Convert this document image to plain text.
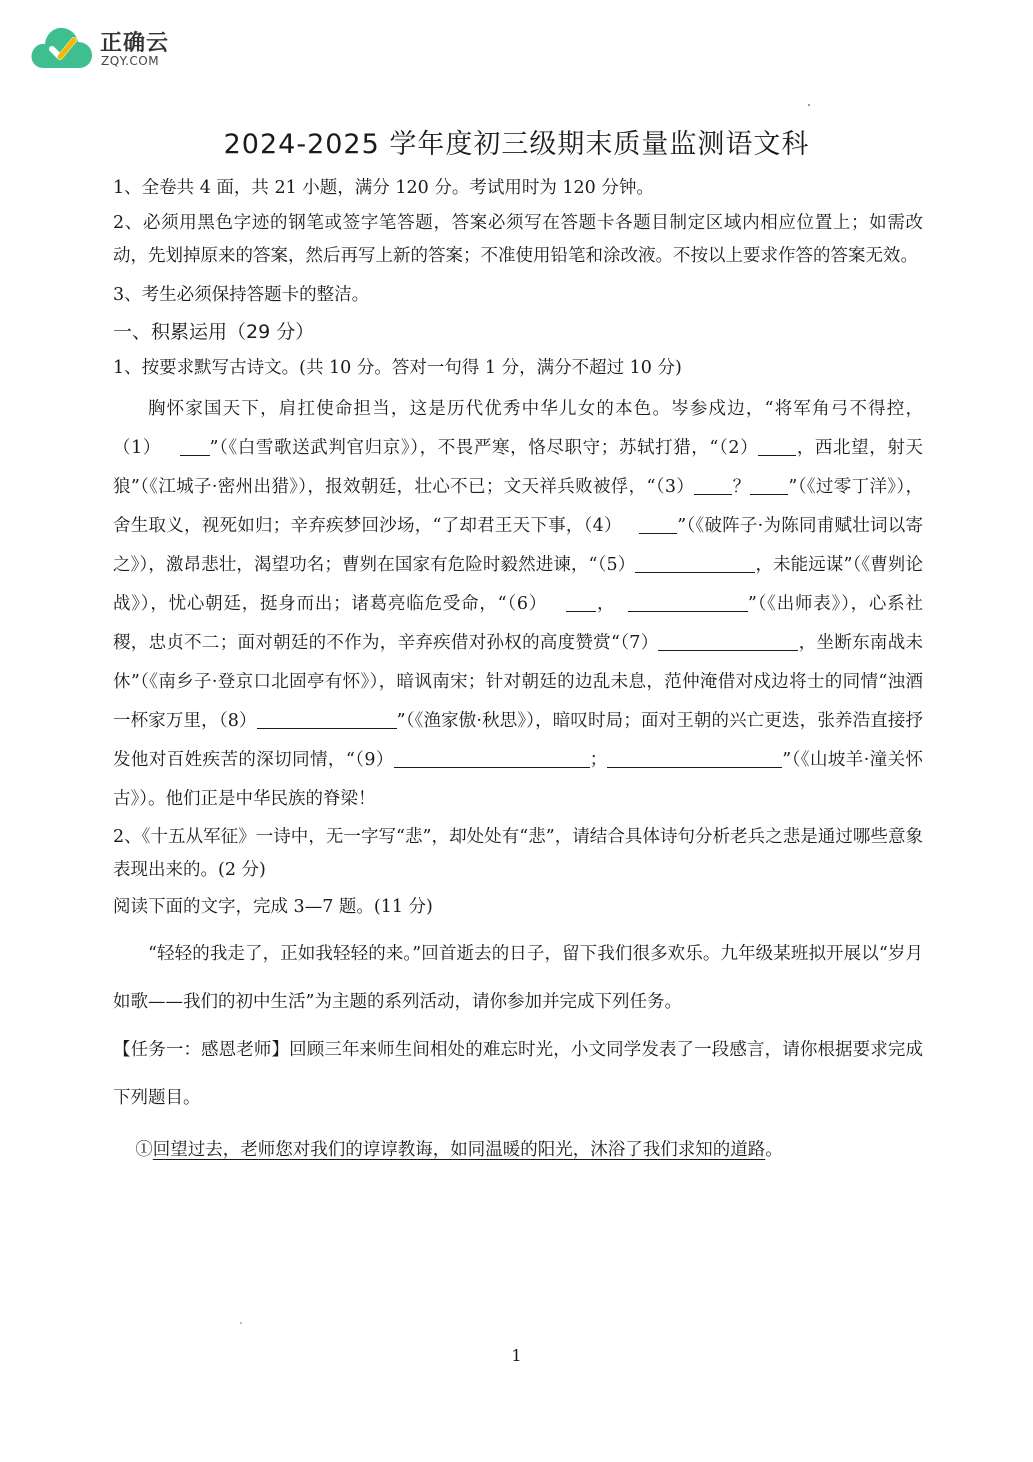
正确云
ZQY.COM
2024-2025 学年度初三级期末质量监测语文科

1、全卷共 4 面，共 21 小题，满分 120 分。考试用时为 120 分钟。

2、必须用黑色字迹的钢笔或签字笔答题，答案必须写在答题卡各题目制定区域内相应位置上；如需改动，先划掉原来的答案，然后再写上新的答案；不准使用铅笔和涂改液。不按以上要求作答的答案无效。

3、考生必须保持答题卡的整洁。

一、积累运用（29 分）

1、按要求默写古诗文。(共 10 分。答对一句得 1 分，满分不超过 10 分)

胸怀家国天下，肩扛使命担当，这是历代优秀中华儿女的本色。岑参戍边，“将军角弓不得控，（1）	”（《白雪歌送武判官归京》），不畏严寒，恪尽职守；苏轼打猎，“（2） ，西北望，射天狼”（《江城子·密州出猎》），报效朝廷，壮心不已；文天祥兵败被俘，“（3） ？ ”（《过零丁洋》），舍生取义，视死如归；辛弃疾梦回沙场，“了却君王天下事，（4）	”（《破阵子·为陈同甫赋壮词以寄之》），激昂悲壮，渴望功名；曹刿在国家有危险时毅然进谏，“（5）	，未能远谋”（《曹刿论战》），忧心朝廷，挺身而出；诸葛亮临危受命，“（6）	，	”（《出师表》），心系社稷，忠贞不二；面对朝廷的不作为，辛弃疾借对孙权的高度赞赏“（7）	，坐断东南战未休”（《南乡子·登京口北固亭有怀》），暗讽南宋；针对朝廷的边乱未息，范仲淹借对戍边将士的同情“浊酒一杯家万里，（8）	”（《渔家傲·秋思》），暗叹时局；面对王朝的兴亡更迭，张养浩直接抒发他对百姓疾苦的深切同情，“（9）	；	”（《山坡羊·潼关怀古》）。他们正是中华民族的脊梁！

2、《十五从军征》一诗中，无一字写“悲”，却处处有“悲”，请结合具体诗句分析老兵之悲是通过哪些意象表现出来的。(2 分)

阅读下面的文字，完成 3—7 题。(11 分)

“轻轻的我走了，正如我轻轻的来。”回首逝去的日子，留下我们很多欢乐。九年级某班拟开展以“岁月如歌——我们的初中生活”为主题的系列活动，请你参加并完成下列任务。

【任务一：感恩老师】回顾三年来师生间相处的难忘时光，小文同学发表了一段感言，请你根据要求完成下列题目。

①回望过去，老师您对我们的谆谆教诲，如同温暖的阳光，沐浴了我们求知的道路。

1
